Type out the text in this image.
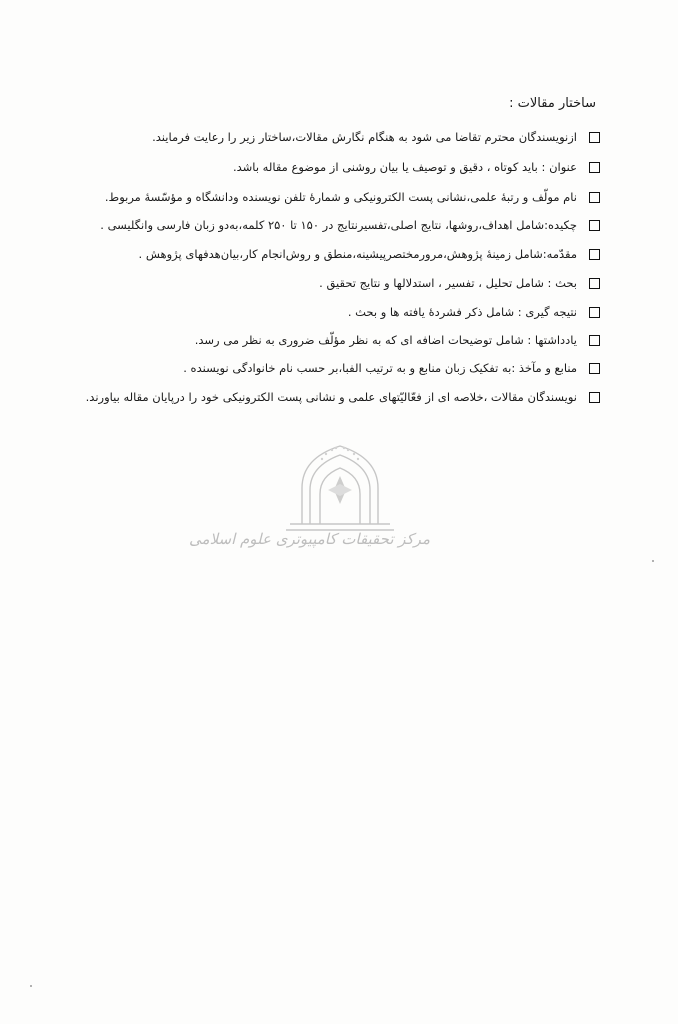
ساختار مقالات :
ازنویسندگان محترم تقاضا می شود به هنگام نگارش مقالات،ساختار زیر را رعایت فرمایند.
عنوان : باید کوتاه ، دقیق و توصیف یا بیان روشنی از موضوع مقاله باشد.
نام مولّف و رتبهٔ علمی،نشانی پست الکترونیکی و شمارهٔ تلفن نویسنده ودانشگاه و مؤسّسهٔ مربوط.
چکیده:شامل اهداف،روشها، نتایج اصلی،تفسیرنتایج در ۱۵۰ تا ۲۵۰ کلمه،به‌دو زبان فارسی وانگلیسی .
مقدّمه:شامل زمینهٔ پژوهش،مرورمختصرپیشینه،منطق و روش‌انجام کار،بیان‌هدفهای پژوهش .
بحث : شامل تحلیل ، تفسیر ، استدلالها و نتایج تحقیق .
نتیجه گیری : شامل ذکر فشردهٔ یافته ها و بحث .
یادداشتها : شامل توضیحات اضافه ای که به نظر مؤلّف ضروری به نظر می رسد.
منابع و مآخذ :به تفکیک زبان منابع و به ترتیب الفبا،بر حسب نام خانوادگی نویسنده .
نویسندگان مقالات ،خلاصه ای از فعّالیّتهای علمی و نشانی پست الکترونیکی خود را درپایان مقاله بیاورند.
مرکز تحقیقات کامپیوتری علوم اسلامی
